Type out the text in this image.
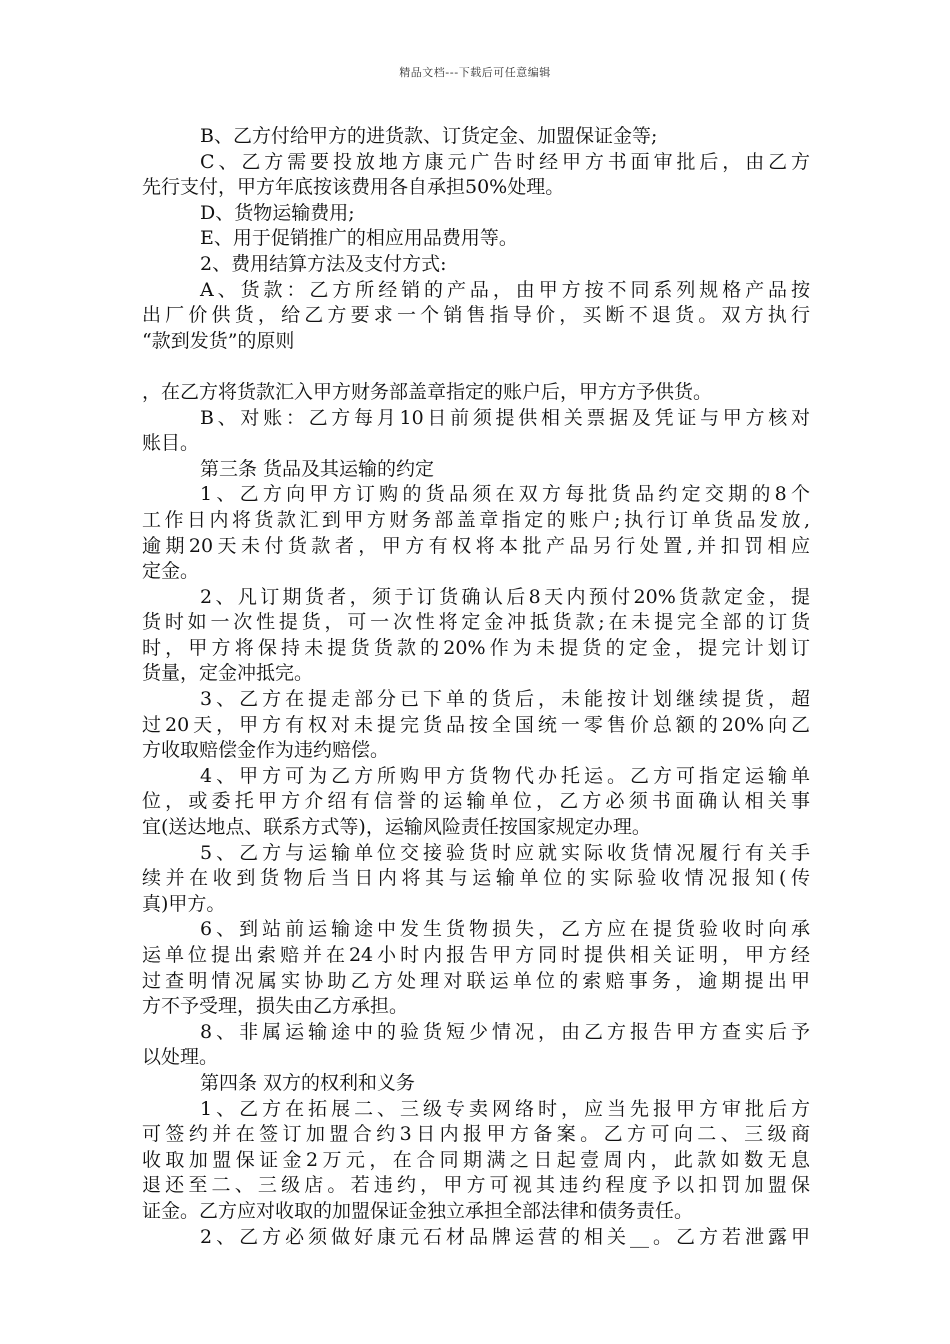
精品文档---下载后可任意编辑
B、乙方付给甲方的进货款、订货定金、加盟保证金等;
C、乙方需要投放地方康元广告时经甲方书面审批后，由乙方
先行支付，甲方年底按该费用各自承担50%处理。
D、货物运输费用;
E、用于促销推广的相应用品费用等。
2、费用结算方法及支付方式:
A、货款：乙方所经销的产品，由甲方按不同系列规格产品按
出厂价供货，给乙方要求一个销售指导价，买断不退货。双方执行
“款到发货”的原则
，在乙方将货款汇入甲方财务部盖章指定的账户后，甲方方予供货。
B、对账：乙方每月10日前须提供相关票据及凭证与甲方核对
账目。
第三条 货品及其运输的约定
1、乙方向甲方订购的货品须在双方每批货品约定交期的8个
工作日内将货款汇到甲方财务部盖章指定的账户;执行订单货品发放,
逾期20天未付货款者，甲方有权将本批产品另行处置,并扣罚相应
定金。
2、凡订期货者，须于订货确认后8天内预付20%货款定金，提
货时如一次性提货，可一次性将定金冲抵货款;在未提完全部的订货
时，甲方将保持未提货货款的20%作为未提货的定金，提完计划订
货量，定金冲抵完。
3、乙方在提走部分已下单的货后，未能按计划继续提货，超
过20天，甲方有权对未提完货品按全国统一零售价总额的20%向乙
方收取赔偿金作为违约赔偿。
4、甲方可为乙方所购甲方货物代办托运。乙方可指定运输单
位，或委托甲方介绍有信誉的运输单位，乙方必须书面确认相关事
宜(送达地点、联系方式等)，运输风险责任按国家规定办理。
5、乙方与运输单位交接验货时应就实际收货情况履行有关手
续并在收到货物后当日内将其与运输单位的实际验收情况报知(传
真)甲方。
6、到站前运输途中发生货物损失，乙方应在提货验收时向承
运单位提出索赔并在24小时内报告甲方同时提供相关证明，甲方经
过查明情况属实协助乙方处理对联运单位的索赔事务，逾期提出甲
方不予受理，损失由乙方承担。
8、非属运输途中的验货短少情况，由乙方报告甲方查实后予
以处理。
第四条 双方的权利和义务
1、乙方在拓展二、三级专卖网络时，应当先报甲方审批后方
可签约并在签订加盟合约3日内报甲方备案。乙方可向二、三级商
收取加盟保证金2万元，在合同期满之日起壹周内，此款如数无息
退还至二、三级店。若违约，甲方可视其违约程度予以扣罚加盟保
证金。乙方应对收取的加盟保证金独立承担全部法律和债务责任。
2、乙方必须做好康元石材品牌运营的相关__。乙方若泄露甲
